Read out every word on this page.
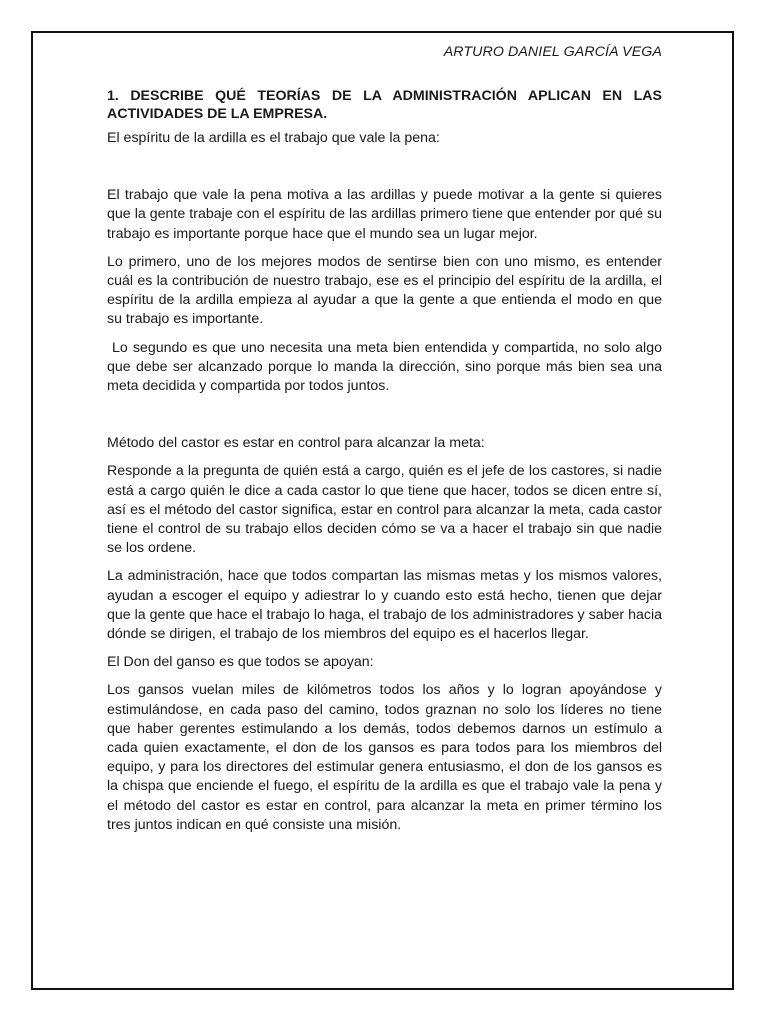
ARTURO DANIEL GARCÍA VEGA
1. DESCRIBE QUÉ TEORÍAS DE LA ADMINISTRACIÓN APLICAN EN LAS ACTIVIDADES DE LA EMPRESA.

El espíritu de la ardilla es el trabajo que vale la pena:

El trabajo que vale la pena motiva a las ardillas y puede motivar a la gente si quieres que la gente trabaje con el espíritu de las ardillas primero tiene que entender por qué su trabajo es importante porque hace que el mundo sea un lugar mejor.

Lo primero, uno de los mejores modos de sentirse bien con uno mismo, es entender cuál es la contribución de nuestro trabajo, ese es el principio del espíritu de la ardilla, el espíritu de la ardilla empieza al ayudar a que la gente a que entienda el modo en que su trabajo es importante.

Lo segundo es que uno necesita una meta bien entendida y compartida, no solo algo que debe ser alcanzado porque lo manda la dirección, sino porque más bien sea una meta decidida y compartida por todos juntos.

Método del castor es estar en control para alcanzar la meta:

Responde a la pregunta de quién está a cargo, quién es el jefe de los castores, si nadie está a cargo quién le dice a cada castor lo que tiene que hacer, todos se dicen entre sí, así es el método del castor significa, estar en control para alcanzar la meta, cada castor tiene el control de su trabajo ellos deciden cómo se va a hacer el trabajo sin que nadie se los ordene.

La administración, hace que todos compartan las mismas metas y los mismos valores, ayudan a escoger el equipo y adiestrar lo y cuando esto está hecho, tienen que dejar que la gente que hace el trabajo lo haga, el trabajo de los administradores y saber hacia dónde se dirigen, el trabajo de los miembros del equipo es el hacerlos llegar.

El Don del ganso es que todos se apoyan:

Los gansos vuelan miles de kilómetros todos los años y lo logran apoyándose y estimulándose, en cada paso del camino, todos graznan no solo los líderes no tiene que haber gerentes estimulando a los demás, todos debemos darnos un estímulo a cada quien exactamente, el don de los gansos es para todos para los miembros del equipo, y para los directores del estimular genera entusiasmo, el don de los gansos es la chispa que enciende el fuego, el espíritu de la ardilla es que el trabajo vale la pena y el método del castor es estar en control, para alcanzar la meta en primer término los tres juntos indican en qué consiste una misión.
